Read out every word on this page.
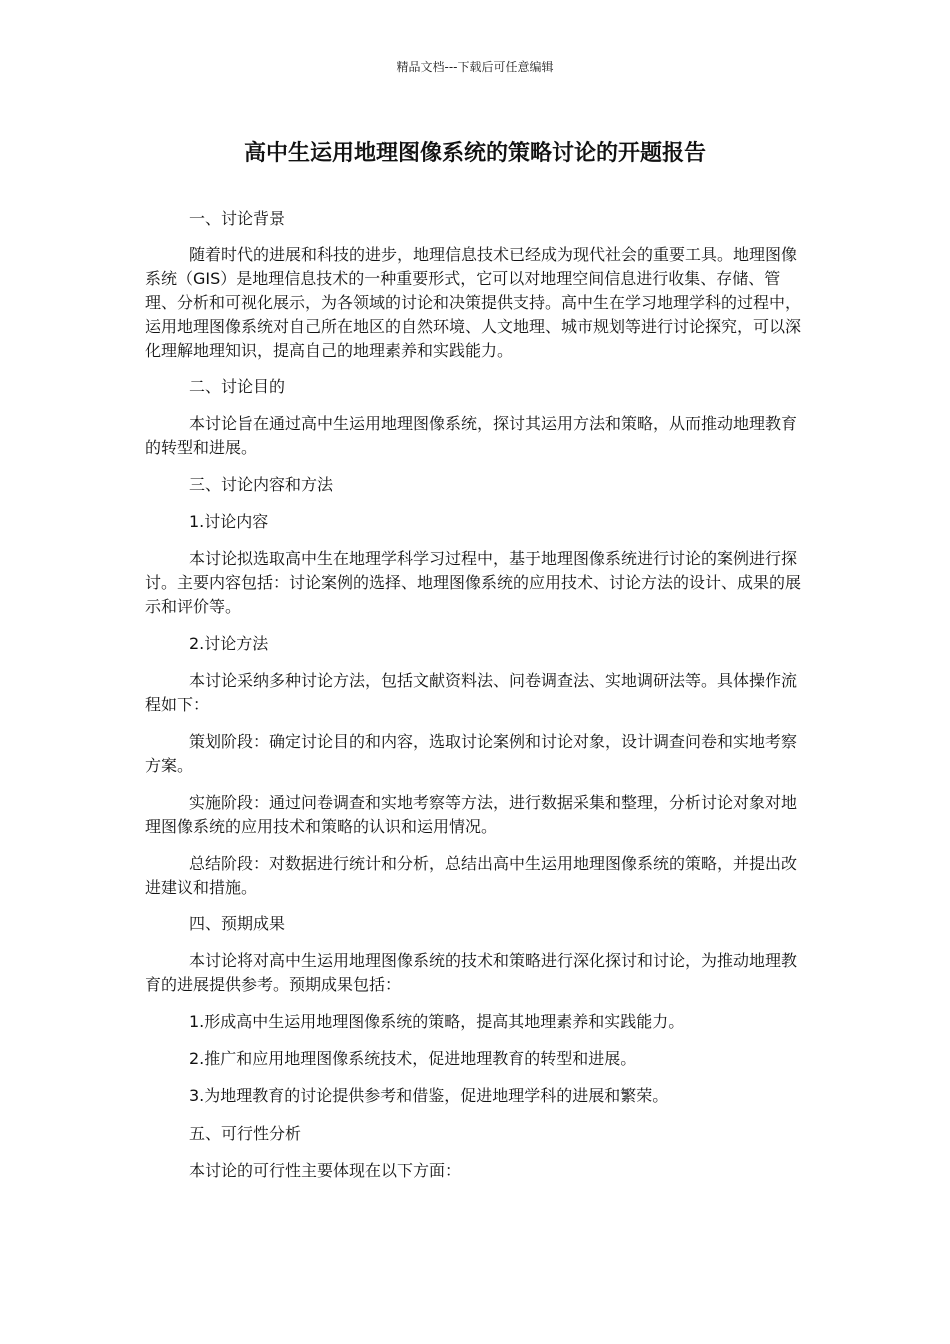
精品文档---下载后可任意编辑
高中生运用地理图像系统的策略讨论的开题报告

一、讨论背景

随着时代的进展和科技的进步，地理信息技术已经成为现代社会的重要工具。地理图像系统（GIS）是地理信息技术的一种重要形式，它可以对地理空间信息进行收集、存储、管理、分析和可视化展示，为各领域的讨论和决策提供支持。高中生在学习地理学科的过程中，运用地理图像系统对自己所在地区的自然环境、人文地理、城市规划等进行讨论探究，可以深化理解地理知识，提高自己的地理素养和实践能力。

二、讨论目的

本讨论旨在通过高中生运用地理图像系统，探讨其运用方法和策略，从而推动地理教育的转型和进展。

三、讨论内容和方法

1.讨论内容

本讨论拟选取高中生在地理学科学习过程中，基于地理图像系统进行讨论的案例进行探讨。主要内容包括：讨论案例的选择、地理图像系统的应用技术、讨论方法的设计、成果的展示和评价等。

2.讨论方法

本讨论采纳多种讨论方法，包括文献资料法、问卷调查法、实地调研法等。具体操作流程如下：

策划阶段：确定讨论目的和内容，选取讨论案例和讨论对象，设计调查问卷和实地考察方案。

实施阶段：通过问卷调查和实地考察等方法，进行数据采集和整理，分析讨论对象对地理图像系统的应用技术和策略的认识和运用情况。

总结阶段：对数据进行统计和分析，总结出高中生运用地理图像系统的策略，并提出改进建议和措施。

四、预期成果

本讨论将对高中生运用地理图像系统的技术和策略进行深化探讨和讨论，为推动地理教育的进展提供参考。预期成果包括：

1.形成高中生运用地理图像系统的策略，提高其地理素养和实践能力。

2.推广和应用地理图像系统技术，促进地理教育的转型和进展。

3.为地理教育的讨论提供参考和借鉴，促进地理学科的进展和繁荣。

五、可行性分析

本讨论的可行性主要体现在以下方面：
